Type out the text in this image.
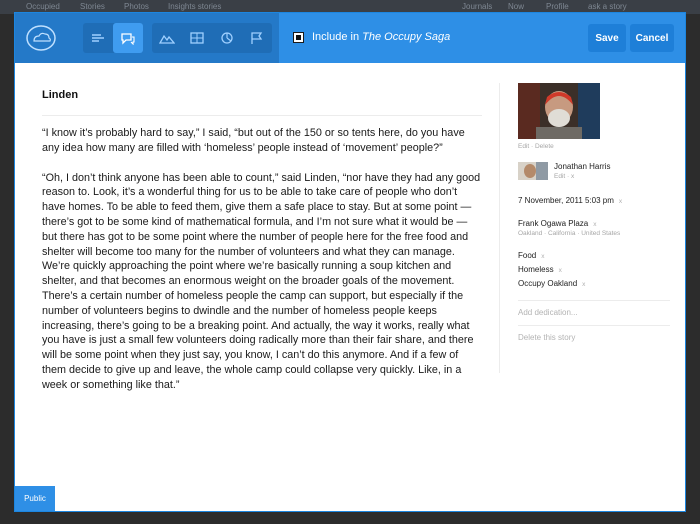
Occupied	Stories Photos Insights stories	Journals Now	Profile ask a story
Include in The Occupy Saga	Save	Cancel
Linden

“I know it’s probably hard to say,” I said, “but out of the 150 or so tents here, do you have any idea how many are filled with ‘homeless’ people instead of ‘movement’ people?”

“Oh, I don’t think anyone has been able to count,” said Linden, “nor have they had any good reason to. Look, it’s a wonderful thing for us to be able to take care of people who don’t have homes. To be able to feed them, give them a safe place to stay. But at some point — there’s got to be some kind of mathematical formula, and I’m not sure what it would be — but there has got to be some point where the number of people here for the free food and shelter will become too many for the number of volunteers and what they can manage. We’re quickly approaching the point where we’re basically running a soup kitchen and shelter, and that becomes an enormous weight on the broader goals of the movement. There’s a certain number of homeless people the camp can support, but especially if the number of volunteers begins to dwindle and the number of homeless people keeps increasing, there’s going to be a breaking point. And actually, the way it works, really what you have is just a small few volunteers doing radically more than their fair share, and there will be some point when they just say, you know, I can’t do this anymore. And if a few of them decide to give up and leave, the whole camp could collapse very quickly. Like, in a week or something like that.”

Edit · Delete
Jonathan Harris
Edit · x
7 November, 2011 5:03 pm x
Frank Ogawa Plaza x
Oakland · California · United States
Food x
Homeless x
Occupy Oakland x
Add dedication...
Delete this story
Public
